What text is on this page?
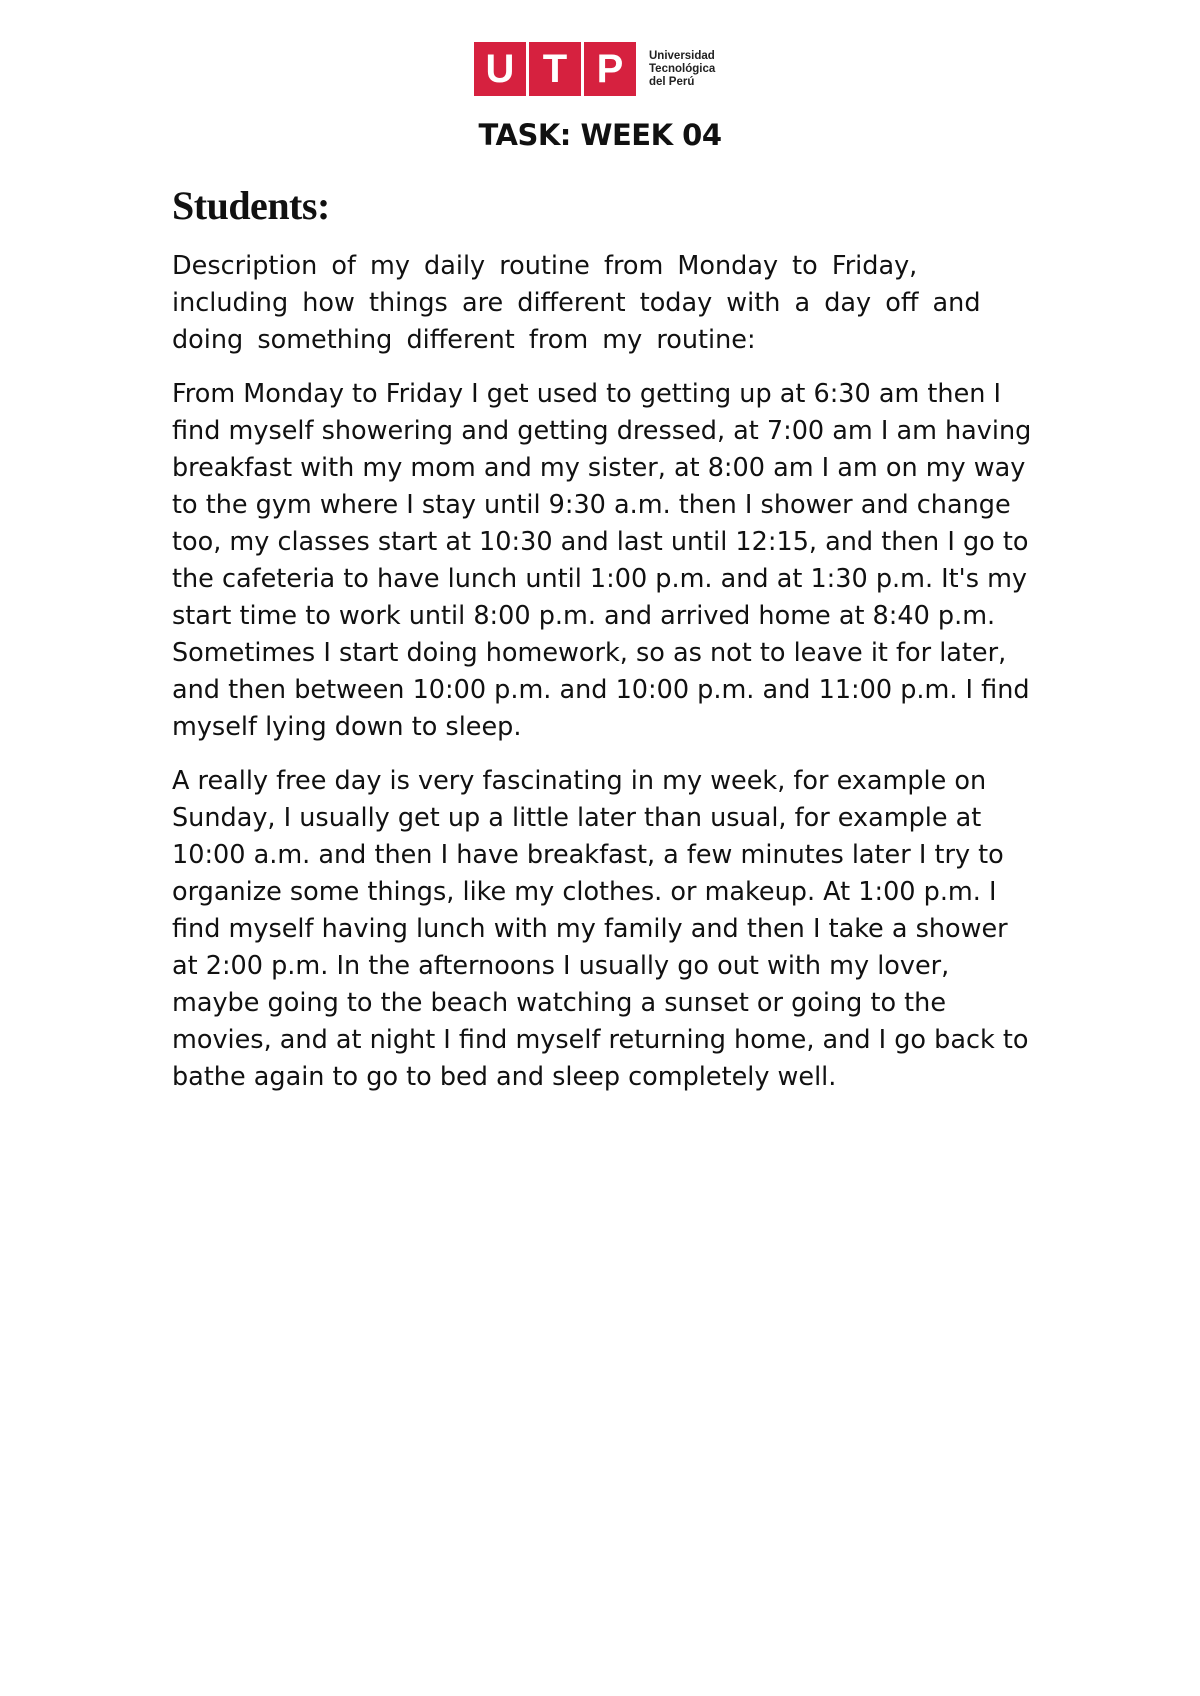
U T P	Universidad
Tecnológica
del Perú
TASK: WEEK 04
Students:

Description of my daily routine from Monday to Friday, including how things are different today with a day off and doing something different from my routine:

From Monday to Friday I get used to getting up at 6:30 am then I find myself showering and getting dressed, at 7:00 am I am having breakfast with my mom and my sister, at 8:00 am I am on my way to the gym where I stay until 9:30 a.m. then I shower and change too, my classes start at 10:30 and last until 12:15, and then I go to the cafeteria to have lunch until 1:00 p.m. and at 1:30 p.m. It's my start time to work until 8:00 p.m. and arrived home at 8:40 p.m. Sometimes I start doing homework, so as not to leave it for later, and then between 10:00 p.m. and 10:00 p.m. and 11:00 p.m. I find myself lying down to sleep.

A really free day is very fascinating in my week, for example on Sunday, I usually get up a little later than usual, for example at 10:00 a.m. and then I have breakfast, a few minutes later I try to organize some things, like my clothes. or makeup. At 1:00 p.m. I find myself having lunch with my family and then I take a shower at 2:00 p.m. In the afternoons I usually go out with my lover, maybe going to the beach watching a sunset or going to the movies, and at night I find myself returning home, and I go back to bathe again to go to bed and sleep completely well.
